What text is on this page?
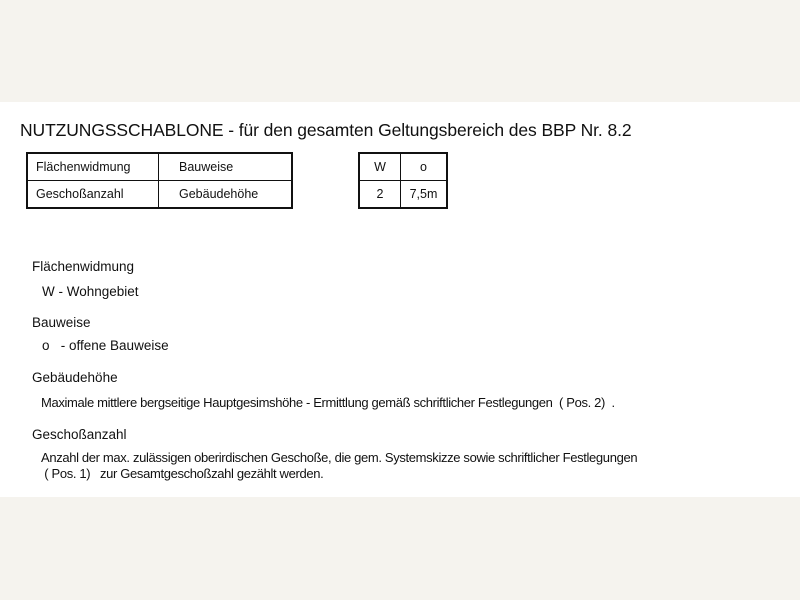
NUTZUNGSSCHABLONE - für den gesamten Geltungsbereich des BBP Nr. 8.2
Flächenwidmung	Bauweise
Geschoßanzahl	Gebäudehöhe
W	o
2	7,5m
Flächenwidmung
W - Wohngebiet
Bauweise
o   - offene Bauweise
Gebäudehöhe
Maximale mittlere bergseitige Hauptgesimshöhe - Ermittlung gemäß schriftlicher Festlegungen  ( Pos. 2)  .
Geschoßanzahl
Anzahl der max. zulässigen oberirdischen Geschoße, die gem. Systemskizze sowie schriftlicher Festlegungen
( Pos. 1)   zur Gesamtgeschoßzahl gezählt werden.
